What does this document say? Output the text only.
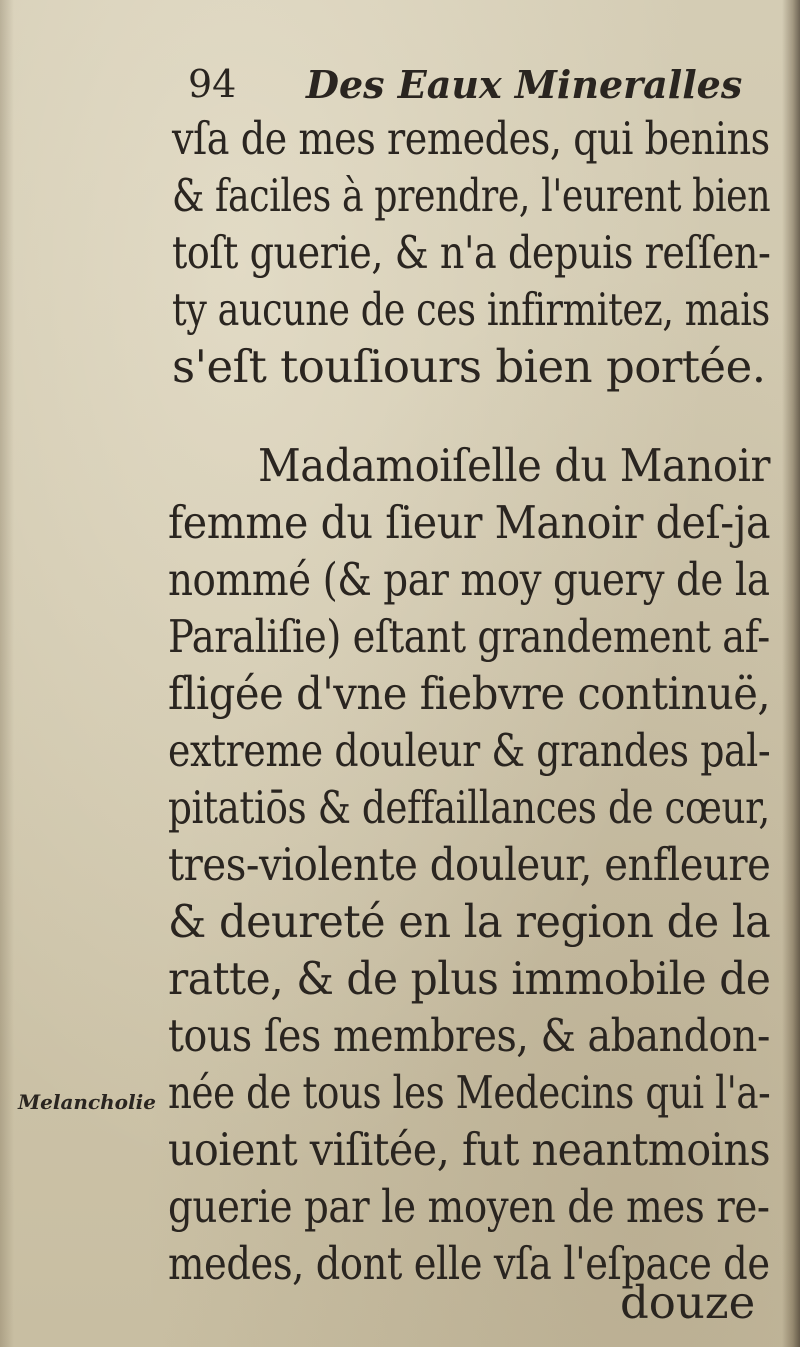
94 Des Eaux Mineralles
vſa de mes remedes, qui benins
& faciles à prendre, l'eurent bien
toſt guerie, & n'a depuis reſſen-
ty aucune de ces infirmitez, mais
s'eſt touſiours bien portée.
Madamoiſelle du Manoir
femme du ſieur Manoir deſ-ja
nommé (& par moy guery de la
Paraliſie) eſtant grandement af-
fligée d'vne fiebvre continuë,
extreme douleur & grandes pal-
pitatiōs & deffaillances de cœur,
tres-violente douleur, enfleure
& deureté en la region de la
ratte, & de plus immobile de
tous ſes membres, & abandon-
née de tous les Medecins qui l'a-
uoient viſitée, fut neantmoins
guerie par le moyen de mes re-
medes, dont elle vſa l'eſpace de
Melancholie
douze
